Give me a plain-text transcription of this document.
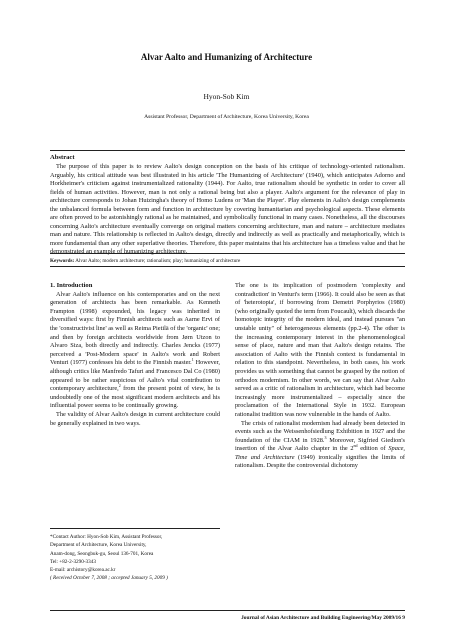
Alvar Aalto and Humanizing of Architecture
Hyon-Sob Kim
Assistant Professor, Department of Architecture, Korea University, Korea
Abstract

The purpose of this paper is to review Aalto's design conception on the basis of his critique of technology-oriented rationalism. Arguably, his critical attitude was best illustrated in his article 'The Humanizing of Architecture' (1940), which anticipates Adorno and Horkheimer's criticism against instrumentalized rationality (1944). For Aalto, true rationalism should be synthetic in order to cover all fields of human activities. However, man is not only a rational being but also a player. Aalto's argument for the relevance of play in architecture corresponds to Johan Huizingha's theory of Homo Ludens or 'Man the Player'. Play elements in Aalto's design complements the unbalanced formula between form and function in architecture by covering humanitarian and psychological aspects. These elements are often proved to be astonishingly rational as he maintained, and symbolically functional in many cases. Nonetheless, all the discourses concerning Aalto's architecture eventually converge on original matters concerning architecture, man and nature – architecture mediates man and nature. This relationship is reflected in Aalto's design, directly and indirectly as well as practically and metaphorically, which is more fundamental than any other superlative theories. Therefore, this paper maintains that his architecture has a timeless value and that he demonstrated an example of humanizing architecture.

Keywords: Alvar Aalto; modern architecture; rationalism; play; humanizing of architecture
1. Introduction

Alvar Aalto's influence on his contemporaries and on the next generation of architects has been remarkable. As Kenneth Frampton (1998) expounded, his legacy was inherited in diversified ways: first by Finnish architects such as Aarne Ervi of the 'constructivist line' as well as Reima Pietilä of the 'organic' one; and then by foreign architects worldwide from Jørn Utzon to Alvaro Siza, both directly and indirectly. Charles Jencks (1977) perceived a 'Post-Modern space' in Aalto's work and Robert Venturi (1977) confesses his debt to the Finnish master.$^1$ However, although critics like Manfredo Tafuri and Francesco Dal Co (1980) appeared to be rather suspicious of Aalto's vital contribution to contemporary architecture,$^2$ from the present point of view, he is undoubtedly one of the most significant modern architects and his influential power seems to be continually growing.

The validity of Alvar Aalto's design in current architecture could be generally explained in two ways.

*Contact Author: Hyon-Sob Kim, Assistant Professor,
Department of Architecture, Korea University,
Anam-dong, Seongbuk-gu, Seoul 136-701, Korea
Tel: +82-2-3290-3343
E-mail: archistory@korea.ac.kr
( Received October 7, 2008 ; accepted January 5, 2009 )

The one is its implication of postmodern 'complexity and contradiction' in Venturi's term (1966). It could also be seen as that of 'heterotopia', if borrowing from Demetri Porphyrios (1980) (who originally quoted the term from Foucault), which discards the homotopic integrity of the modern ideal, and instead pursues "an unstable unity" of heterogeneous elements (pp.2-4). The other is the increasing contemporary interest in the phenomenological sense of place, nature and man that Aalto's design retains. The association of Aalto with the Finnish context is fundamental in relation to this standpoint. Nevertheless, in both cases, his work provides us with something that cannot be grasped by the notion of orthodox modernism. In other words, we can say that Alvar Aalto served as a critic of rationalism in architecture, which had become increasingly more instrumentalized – especially since the proclamation of the International Style in 1932. European rationalist tradition was now vulnerable in the hands of Aalto.

The crisis of rationalist modernism had already been detected in events such as the Weissenhofsiedlung Exhibition in 1927 and the foundation of the CIAM in 1928.$^3$ Moreover, Sigfried Giedion's insertion of the Alvar Aalto chapter in the 2nd edition of Space, Time and Architecture (1949) ironically signifies the limits of rationalism. Despite the controversial dichotomy

Journal of Asian Architecture and Building Engineering/May 2009/16 9
